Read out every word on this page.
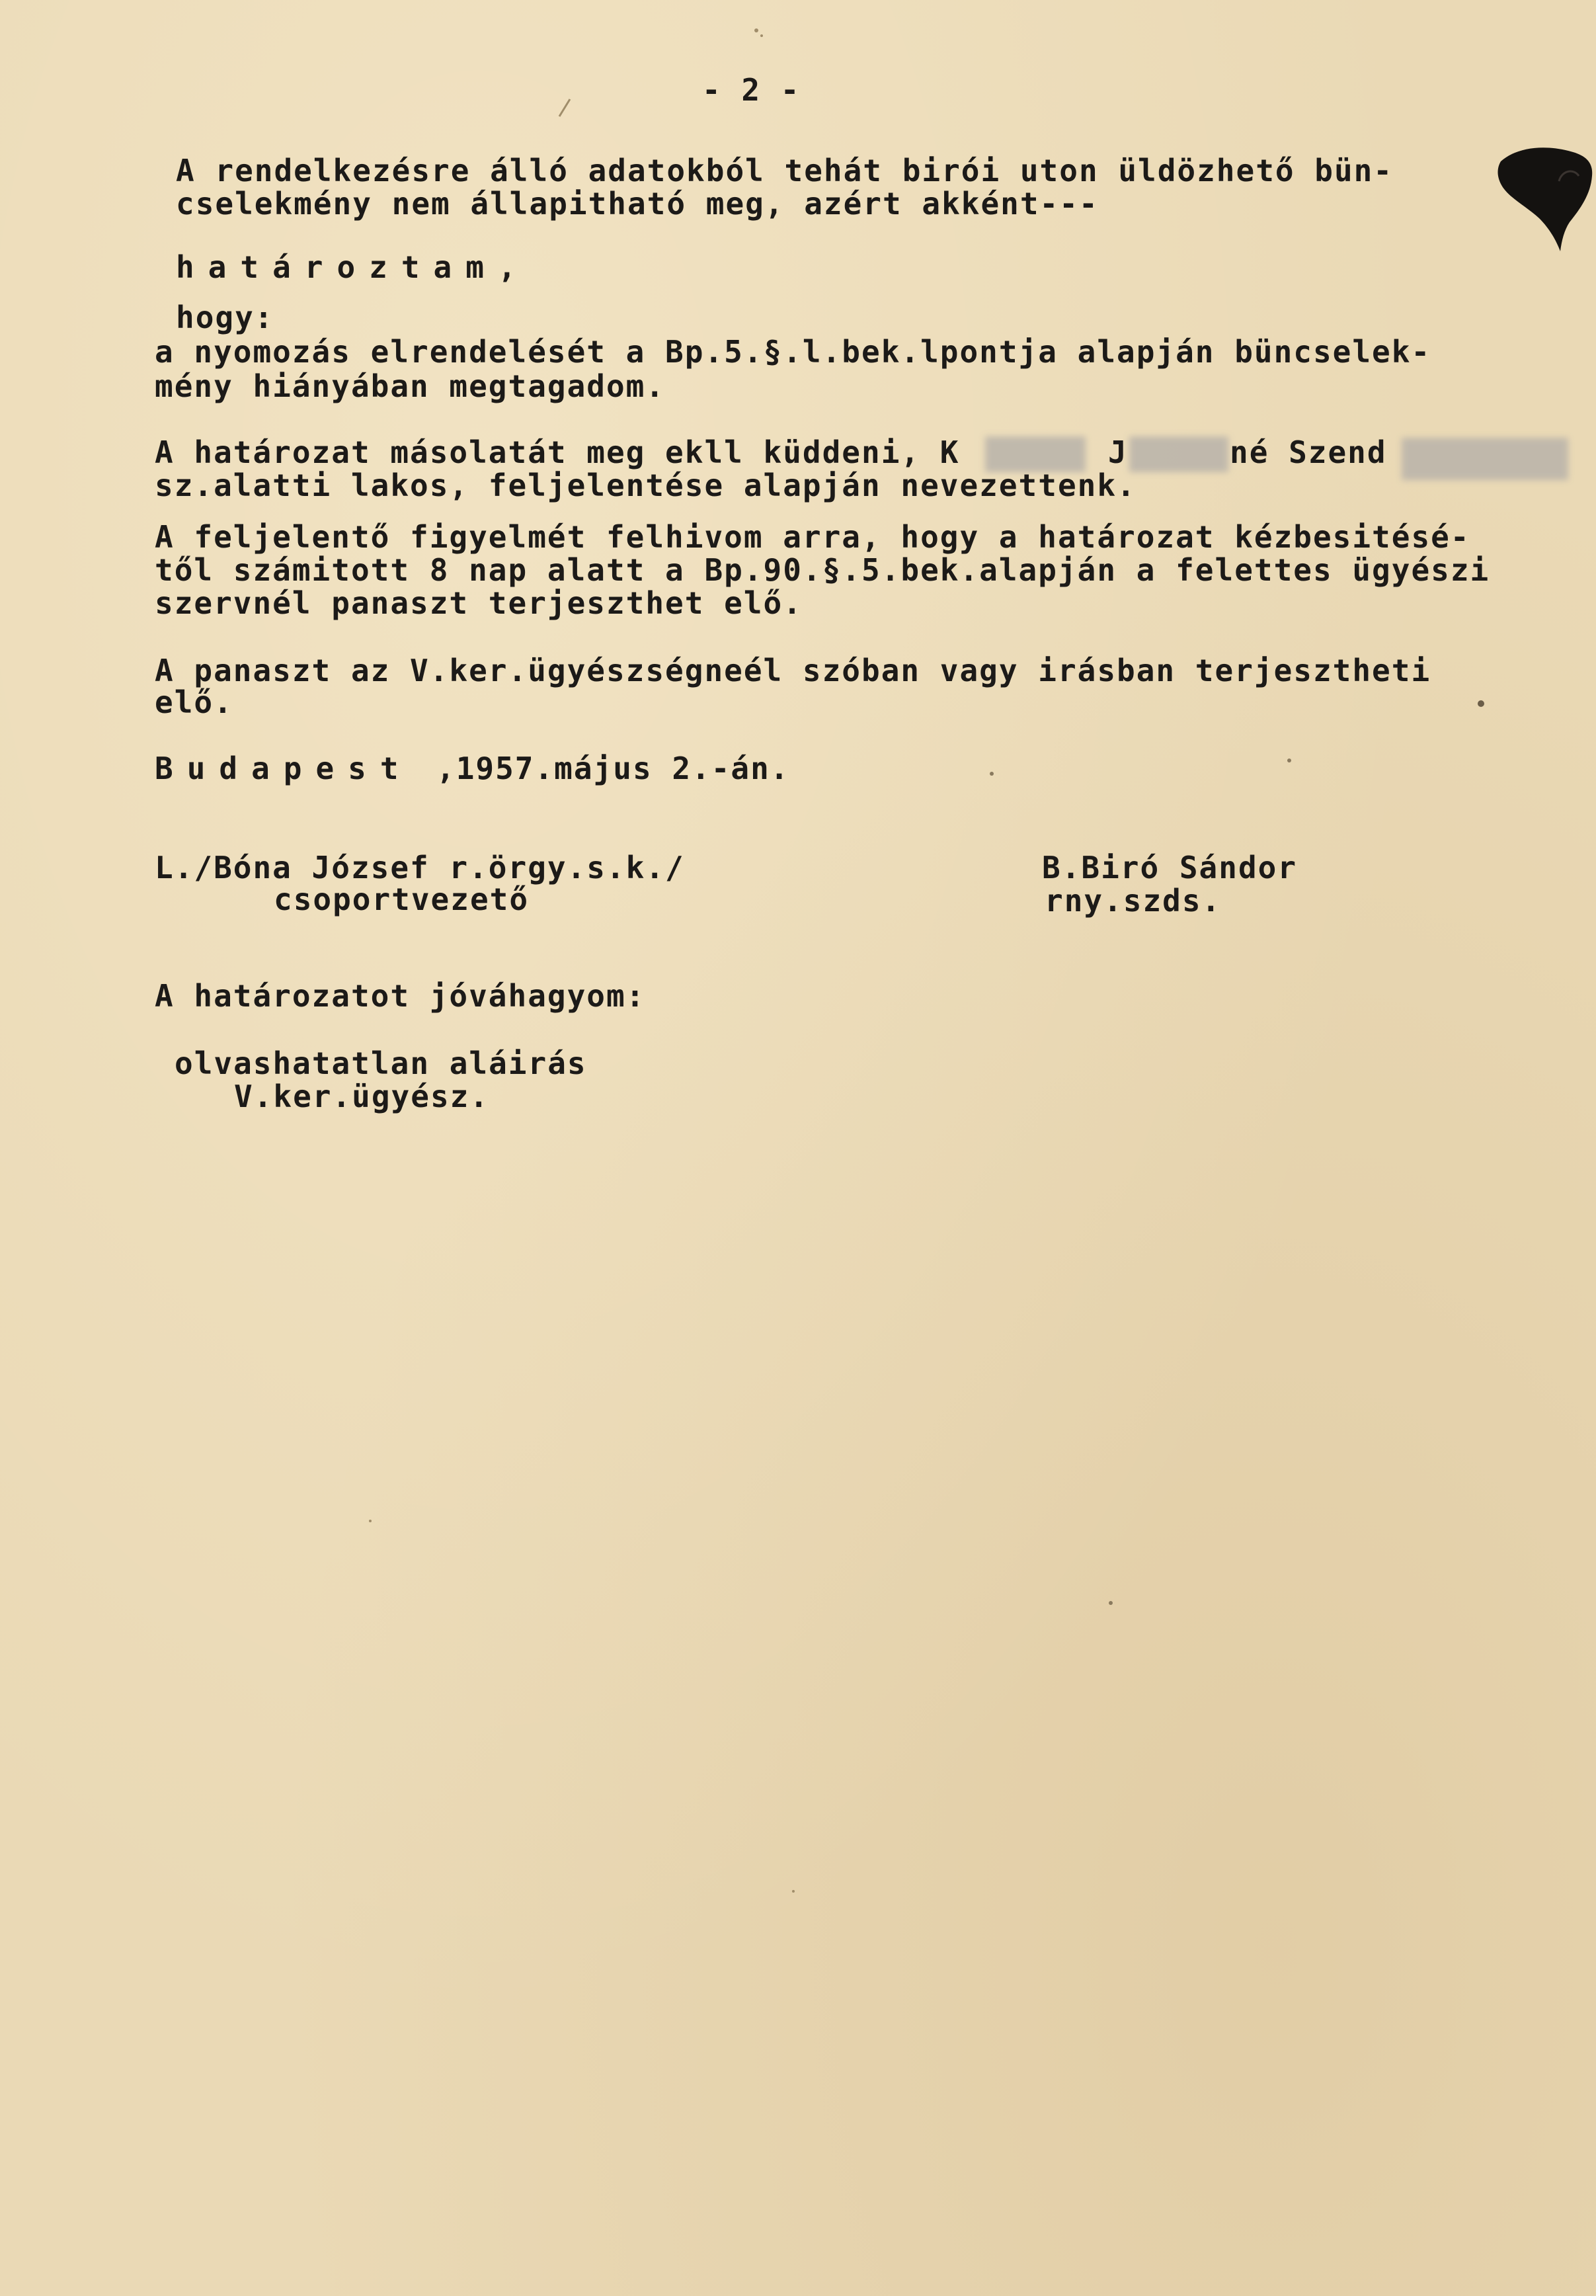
- 2 -
A rendelkezésre álló adatokból tehát birói uton üldözhető bün-
cselekmény nem állapitható meg, azért akként---
határoztam,
hogy:
a nyomozás elrendelését a Bp.5.§.l.bek.lpontja alapján büncselek-
mény hiányában megtagadom.
A határozat másolatát meg ekll küddeni, K	J	né Szend
sz.alatti lakos, feljelentése alapján nevezettenk.
A feljelentő figyelmét felhivom arra, hogy a határozat kézbesitésé-
től számitott 8 nap alatt a Bp.90.§.5.bek.alapján a felettes ügyészi
szervnél panaszt terjeszthet elő.
A panaszt az V.ker.ügyészségneél szóban vagy irásban terjesztheti
elő.
Budapest ,1957.május 2.-án.
L./Bóna József r.örgy.s.k./
csoportvezető
B.Biró Sándor
rny.szds.
A határozatot jóváhagyom:
olvashatatlan aláirás
V.ker.ügyész.
